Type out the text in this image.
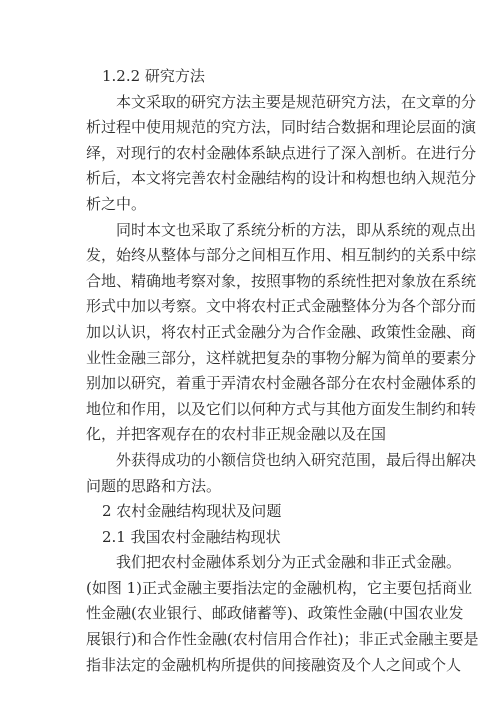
1.2.2 研究方法
本文采取的研究方法主要是规范研究方法，在文章的分
析过程中使用规范的究方法，同时结合数据和理论层面的演
绎，对现行的农村金融体系缺点进行了深入剖析。在进行分
析后，本文将完善农村金融结构的设计和构想也纳入规范分
析之中。
同时本文也采取了系统分析的方法，即从系统的观点出
发，始终从整体与部分之间相互作用、相互制约的关系中综
合地、精确地考察对象，按照事物的系统性把对象放在系统
形式中加以考察。文中将农村正式金融整体分为各个部分而
加以认识，将农村正式金融分为合作金融、政策性金融、商
业性金融三部分，这样就把复杂的事物分解为简单的要素分
别加以研究，着重于弄清农村金融各部分在农村金融体系的
地位和作用，以及它们以何种方式与其他方面发生制约和转
化，并把客观存在的农村非正规金融以及在国
外获得成功的小额信贷也纳入研究范围，最后得出解决
问题的思路和方法。
2 农村金融结构现状及问题
2.1 我国农村金融结构现状
我们把农村金融体系划分为正式金融和非正式金融。
(如图 1)正式金融主要指法定的金融机构，它主要包括商业
性金融(农业银行、邮政储蓄等)、政策性金融(中国农业发
展银行)和合作性金融(农村信用合作社)；非正式金融主要是
指非法定的金融机构所提供的间接融资及个人之间或个人
